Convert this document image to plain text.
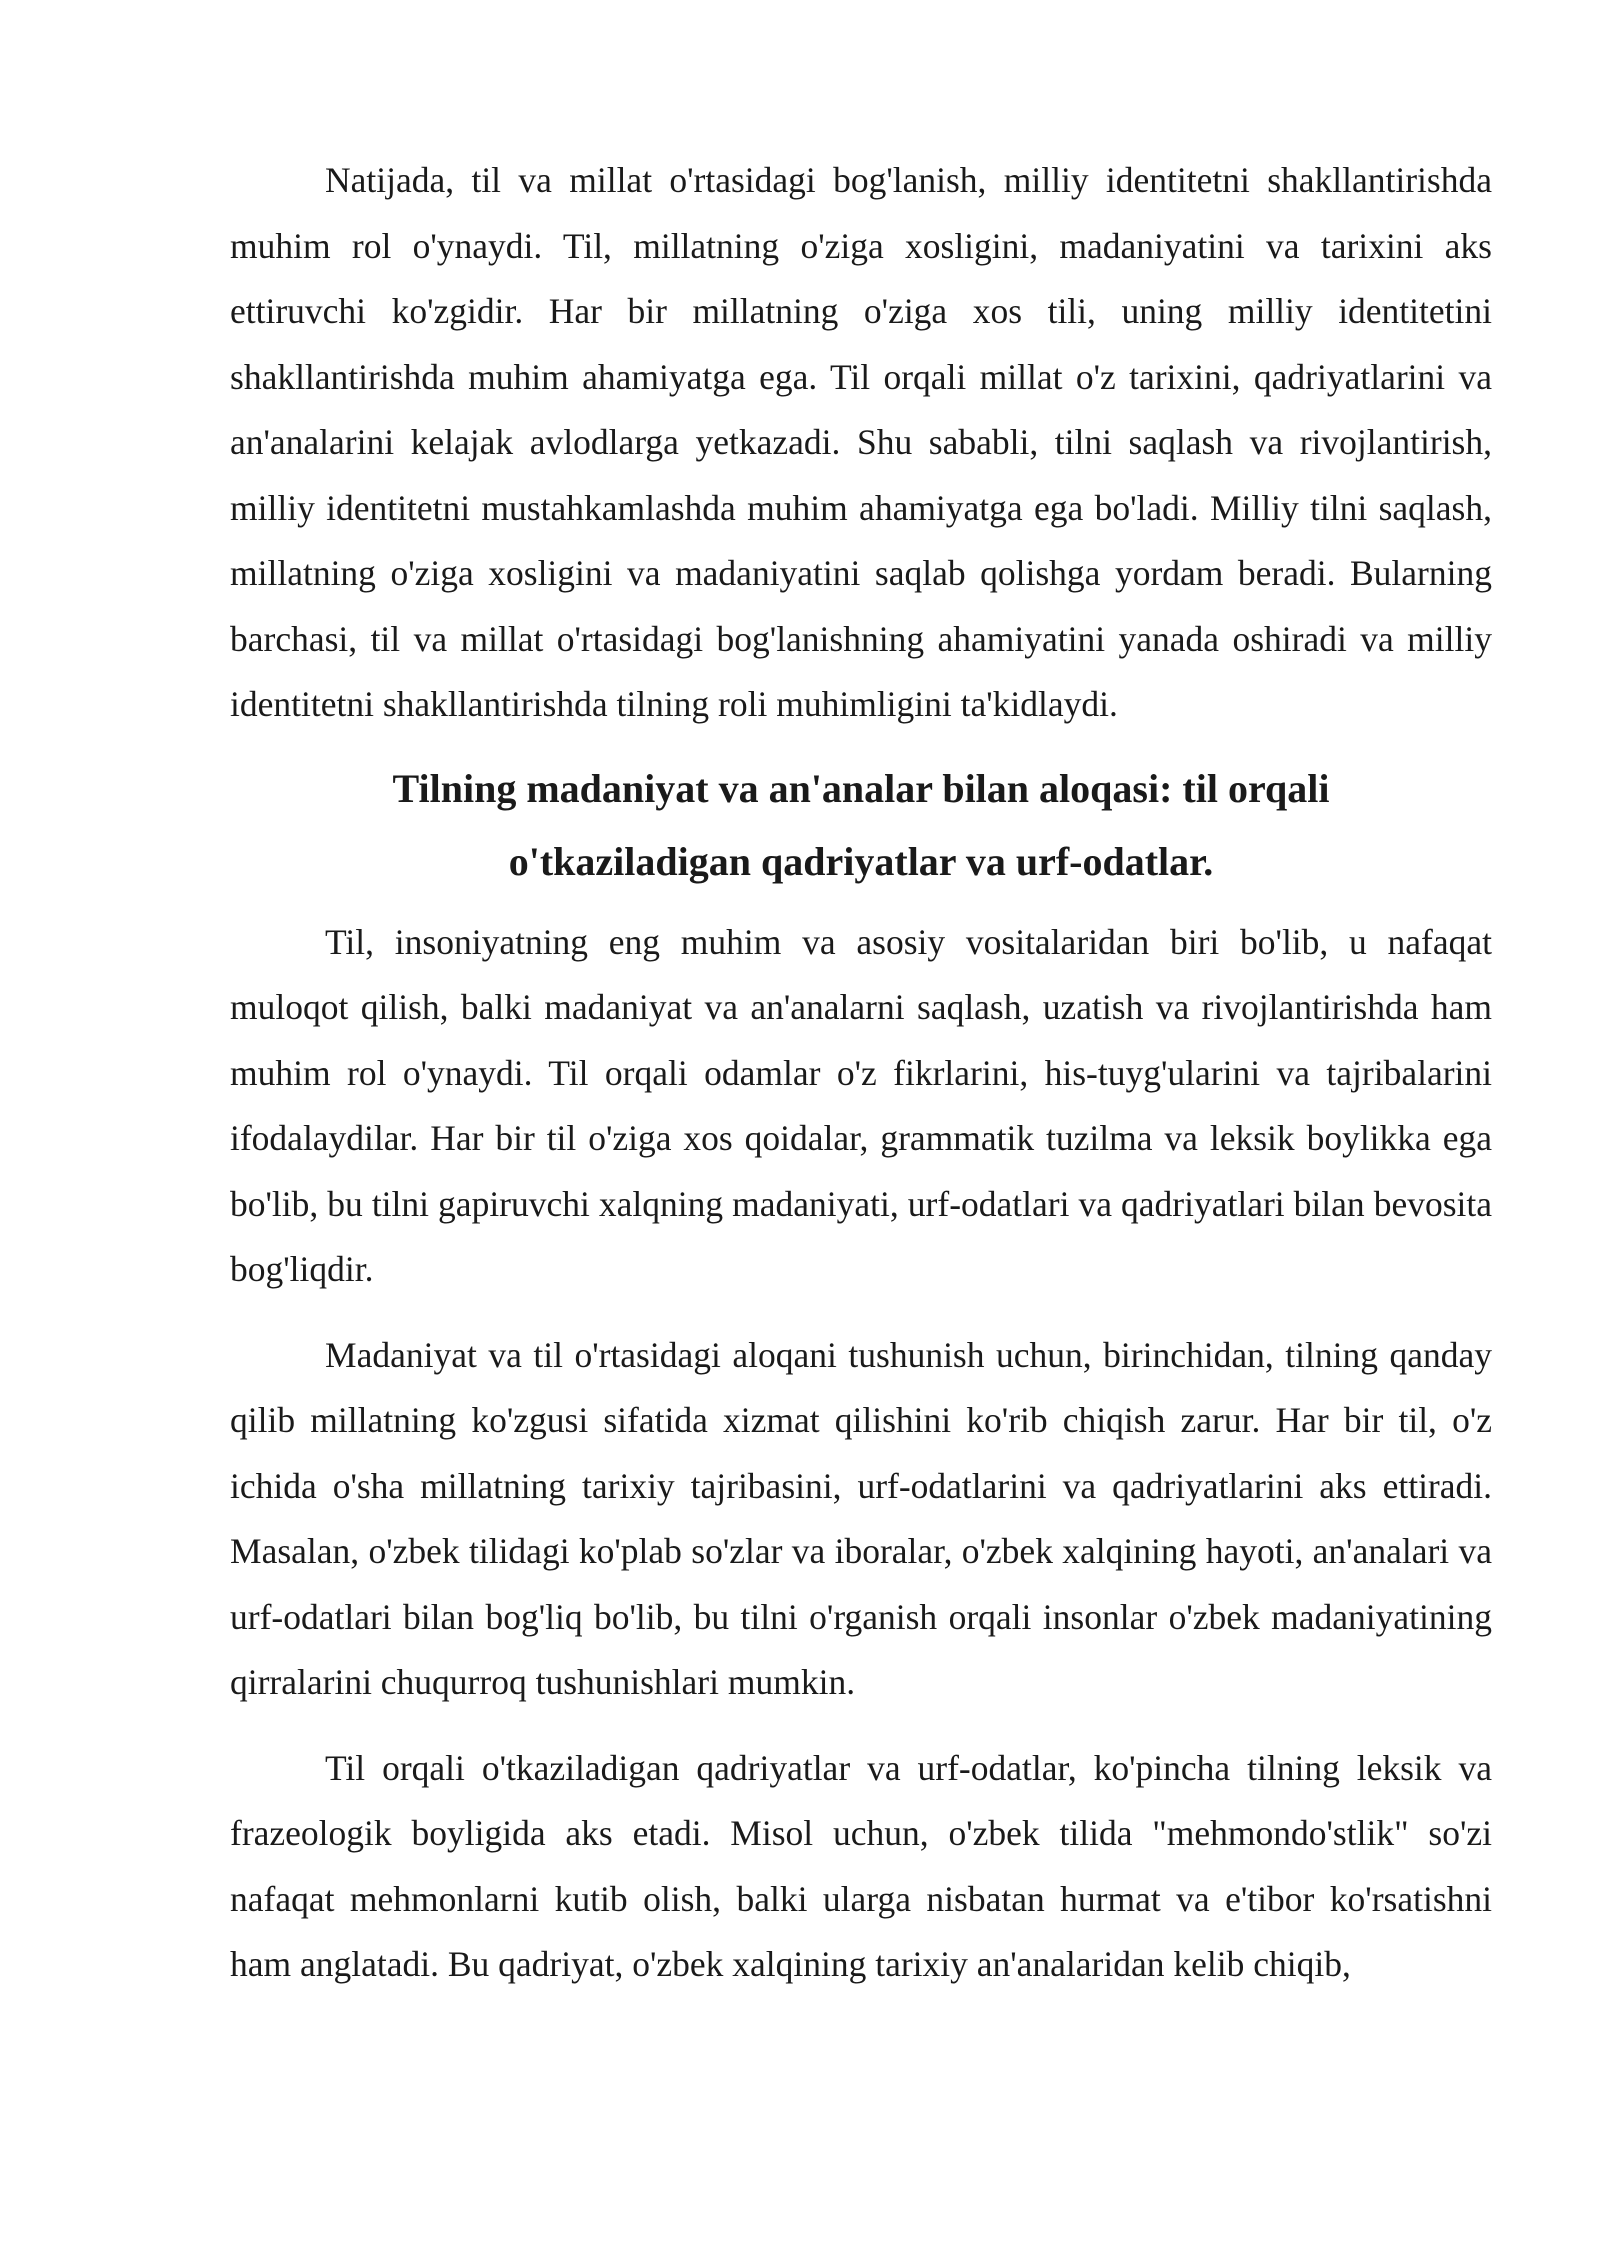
Natijada, til va millat o'rtasidagi bog'lanish, milliy identitetni shakllantirishda muhim rol o'ynaydi. Til, millatning o'ziga xosligini, madaniyatini va tarixini aks ettiruvchi ko'zgidir. Har bir millatning o'ziga xos tili, uning milliy identitetini shakllantirishda muhim ahamiyatga ega. Til orqali millat o'z tarixini, qadriyatlarini va an'analarini kelajak avlodlarga yetkazadi. Shu sababli, tilni saqlash va rivojlantirish, milliy identitetni mustahkamlashda muhim ahamiyatga ega bo'ladi. Milliy tilni saqlash, millatning o'ziga xosligini va madaniyatini saqlab qolishga yordam beradi. Bularning barchasi, til va millat o'rtasidagi bog'lanishning ahamiyatini yanada oshiradi va milliy identitetni shakllantirishda tilning roli muhimligini ta'kidlaydi.

Tilning madaniyat va an'analar bilan aloqasi: til orqali o'tkaziladigan qadriyatlar va urf-odatlar.

Til, insoniyatning eng muhim va asosiy vositalaridan biri bo'lib, u nafaqat muloqot qilish, balki madaniyat va an'analarni saqlash, uzatish va rivojlantirishda ham muhim rol o'ynaydi. Til orqali odamlar o'z fikrlarini, his-tuyg'ularini va tajribalarini ifodalaydilar. Har bir til o'ziga xos qoidalar, grammatik tuzilma va leksik boylikka ega bo'lib, bu tilni gapiruvchi xalqning madaniyati, urf-odatlari va qadriyatlari bilan bevosita bog'liqdir.

Madaniyat va til o'rtasidagi aloqani tushunish uchun, birinchidan, tilning qanday qilib millatning ko'zgusi sifatida xizmat qilishini ko'rib chiqish zarur. Har bir til, o'z ichida o'sha millatning tarixiy tajribasini, urf-odatlarini va qadriyatlarini aks ettiradi. Masalan, o'zbek tilidagi ko'plab so'zlar va iboralar, o'zbek xalqining hayoti, an'analari va urf-odatlari bilan bog'liq bo'lib, bu tilni o'rganish orqali insonlar o'zbek madaniyatining qirralarini chuqurroq tushunishlari mumkin.

Til orqali o'tkaziladigan qadriyatlar va urf-odatlar, ko'pincha tilning leksik va frazeologik boyligida aks etadi. Misol uchun, o'zbek tilida "mehmondo'stlik" so'zi nafaqat mehmonlarni kutib olish, balki ularga nisbatan hurmat va e'tibor ko'rsatishni ham anglatadi. Bu qadriyat, o'zbek xalqining tarixiy an'analaridan kelib chiqib,
